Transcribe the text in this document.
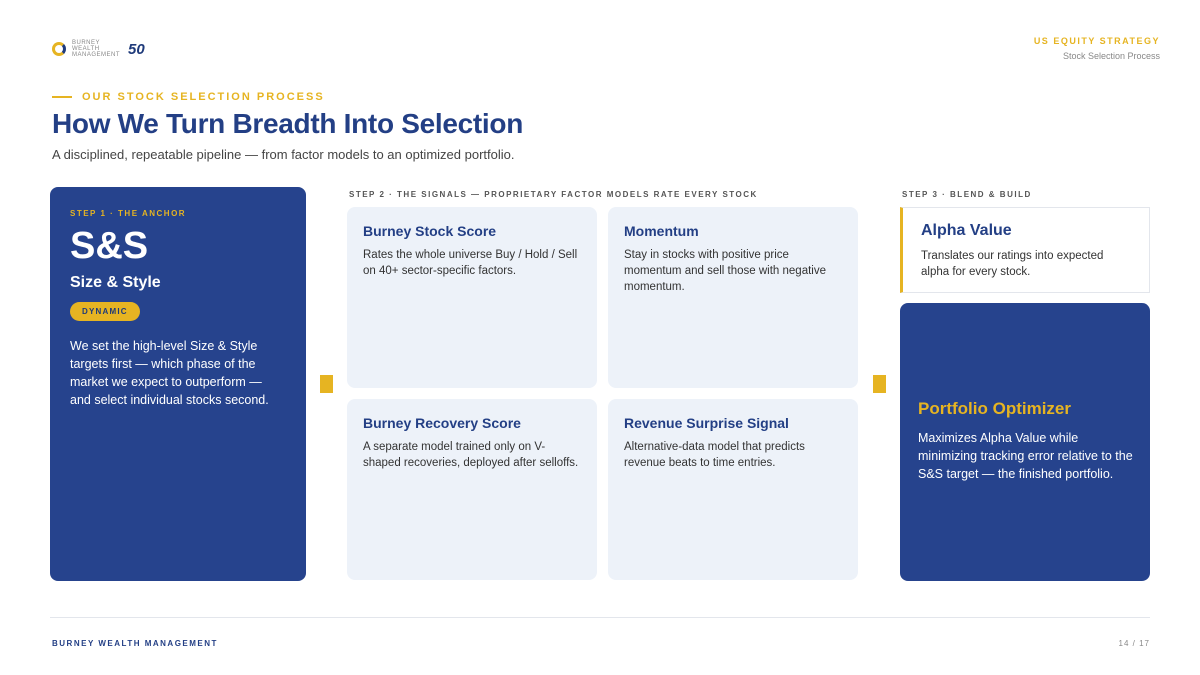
BURNEY
WEALTH
MANAGEMENT 50	US EQUITY STRATEGY
Stock Selection Process
OUR STOCK SELECTION PROCESS
How We Turn Breadth Into Selection
A disciplined, repeatable pipeline — from factor models to an optimized portfolio.
STEP 1 · THE ANCHOR
S&S
Size & Style
DYNAMIC
We set the high-level Size & Style targets first — which phase of the market we expect to outperform — and select individual stocks second.
STEP 2 · THE SIGNALS — PROPRIETARY FACTOR MODELS RATE EVERY STOCK
Burney Stock Score
Rates the whole universe Buy / Hold / Sell on 40+ sector-specific factors.
Momentum
Stay in stocks with positive price momentum and sell those with negative momentum.
Burney Recovery Score
A separate model trained only on V-shaped recoveries, deployed after selloffs.
Revenue Surprise Signal
Alternative-data model that predicts revenue beats to time entries.
STEP 3 · BLEND & BUILD
Alpha Value
Translates our ratings into expected alpha for every stock.
Portfolio Optimizer
Maximizes Alpha Value while minimizing tracking error relative to the S&S target — the finished portfolio.
BURNEY WEALTH MANAGEMENT	14 / 17
